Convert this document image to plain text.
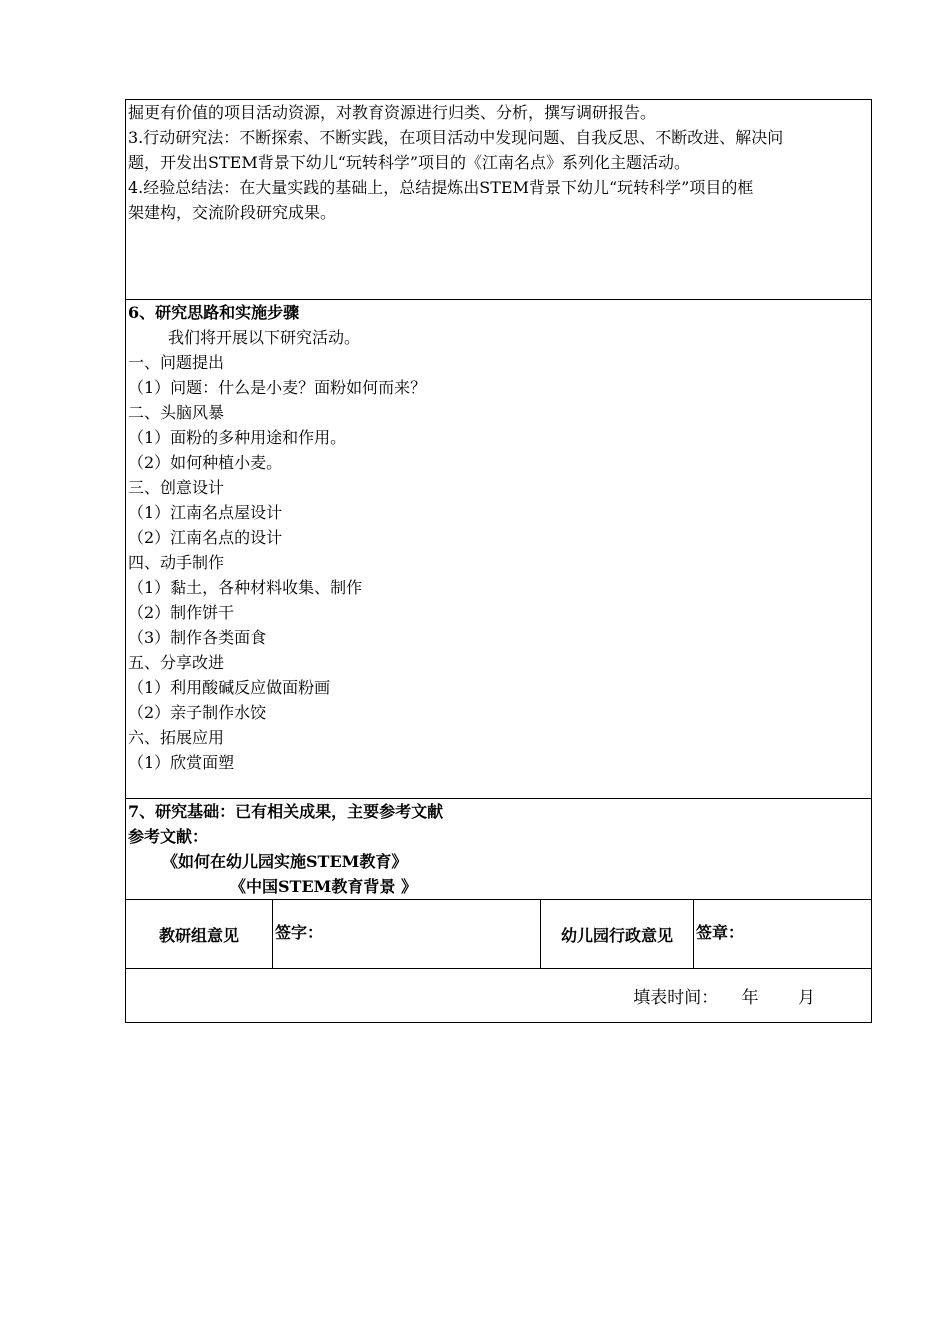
掘更有价值的项目活动资源，对教育资源进行归类、分析，撰写调研报告。
3.行动研究法：不断探索、不断实践，在项目活动中发现问题、自我反思、不断改进、解决问
题，开发出STEM背景下幼儿“玩转科学”项目的《江南名点》系列化主题活动。
4.经验总结法：在大量实践的基础上，总结提炼出STEM背景下幼儿“玩转科学”项目的框
架建构，交流阶段研究成果。

6、研究思路和实施步骤
我们将开展以下研究活动。
一、问题提出
（1）问题：什么是小麦？面粉如何而来？
二、头脑风暴
（1）面粉的多种用途和作用。
（2）如何种植小麦。
三、创意设计
（1）江南名点屋设计
（2）江南名点的设计
四、动手制作
（1）黏土，各种材料收集、制作
（2）制作饼干
（3）制作各类面食
五、分享改进
（1）利用酸碱反应做面粉画
（2）亲子制作水饺
六、拓展应用
（1）欣赏面塑

7、研究基础：已有相关成果，主要参考文献
参考文献：
《如何在幼儿园实施STEM教育》
《中国STEM教育背景 》

教研组意见	签字：	幼儿园行政意见	签章：
填表时间： 年 月
